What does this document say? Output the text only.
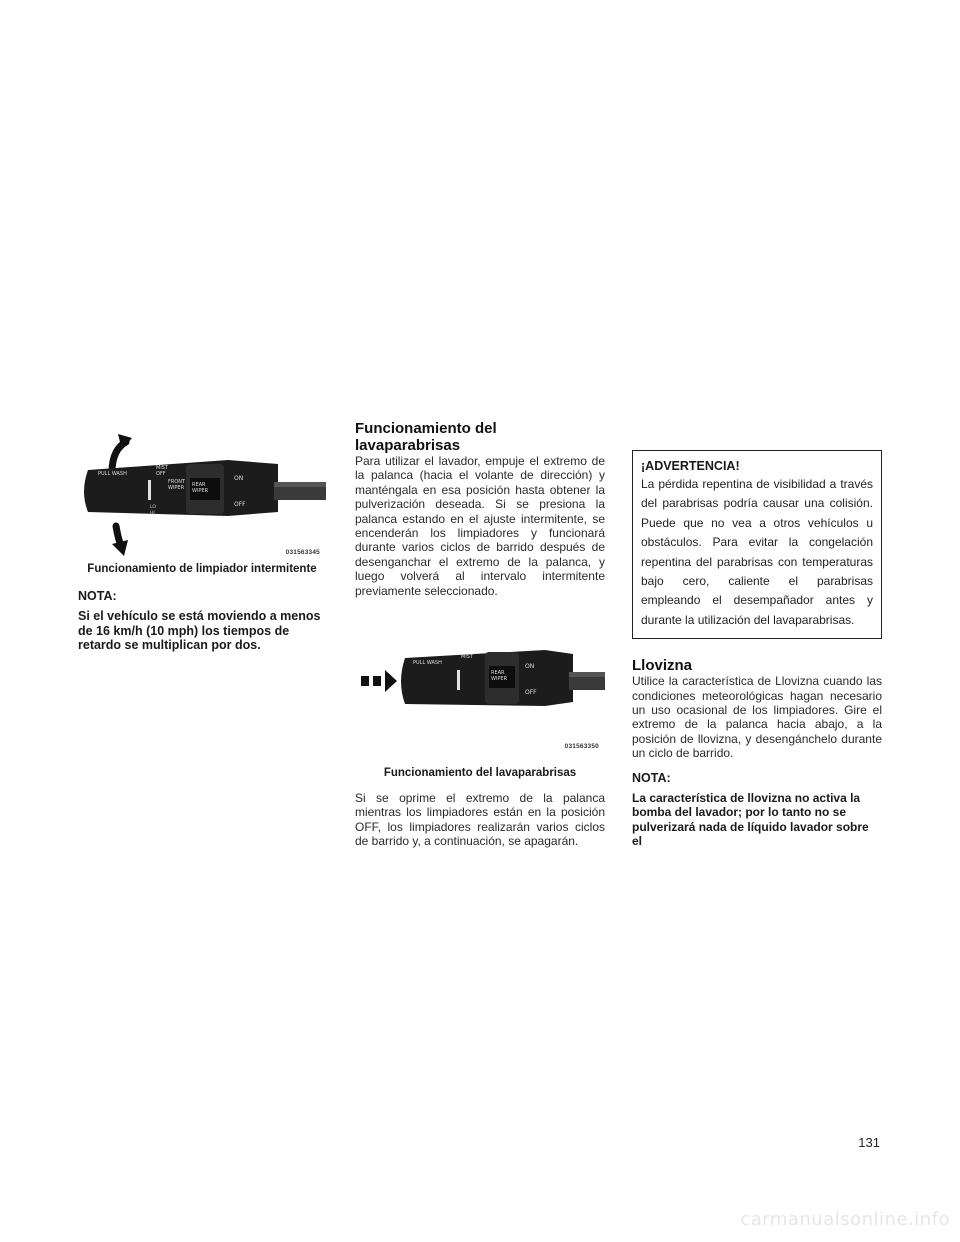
PULL WASH
MIST
OFF
FRONT
WIPER REAR
WIPER
ON
OFF
LO
HI
031563345
Funcionamiento de limpiador intermitente
NOTA:

Si el vehículo se está moviendo a menos de 16 km/h (10 mph) los tiempos de retardo se multiplican por dos.

Funcionamiento del lavaparabrisas

Para utilizar el lavador, empuje el extremo de la palanca (hacia el volante de dirección) y manténgala en esa posición hasta obtener la pulverización deseada. Si se presiona la palanca estando en el ajuste intermitente, se encenderán los limpiadores y funcionará durante varios ciclos de barrido después de desenganchar el extremo de la palanca, y luego volverá al intervalo intermitente previamente seleccionado.

PULL WASH
MIST
REAR
WIPER
ON
OFF
031563350
Funcionamiento del lavaparabrisas

Si se oprime el extremo de la palanca mientras los limpiadores están en la posición OFF, los limpiadores realizarán varios ciclos de barrido y, a continuación, se apagarán.

¡ADVERTENCIA!

La pérdida repentina de visibilidad a través del parabrisas podría causar una colisión. Puede que no vea a otros vehículos u obstáculos. Para evitar la congelación repentina del parabrisas con temperaturas bajo cero, caliente el parabrisas empleando el desempañador antes y durante la utilización del lavaparabrisas.

Llovizna

Utilice la característica de Llovizna cuando las condiciones meteorológicas hagan necesario un uso ocasional de los limpiadores. Gire el extremo de la palanca hacia abajo, a la posición de llovizna, y desengánchelo durante un ciclo de barrido.

NOTA:

La característica de llovizna no activa la bomba del lavador; por lo tanto no se pulverizará nada de líquido lavador sobre el

131
carmanualsonline.info
